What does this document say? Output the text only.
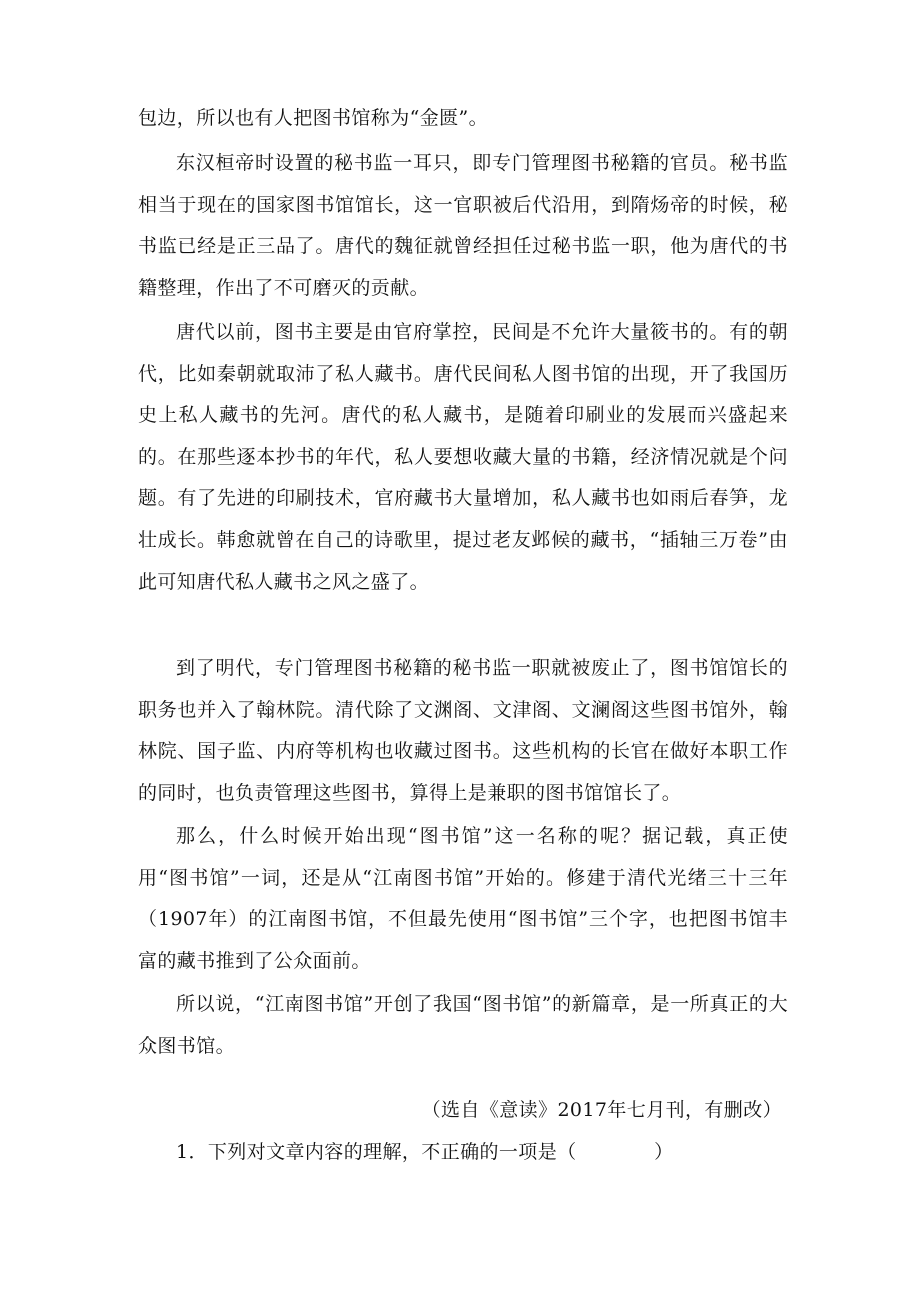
包边，所以也有人把图书馆称为“金匮”。

东汉桓帝时设置的秘书监一耳只，即专门管理图书秘籍的官员。秘书监相当于现在的国家图书馆馆长，这一官职被后代沿用，到隋炀帝的时候，秘书监已经是正三品了。唐代的魏征就曾经担任过秘书监一职，他为唐代的书籍整理，作出了不可磨灭的贡献。

唐代以前，图书主要是由官府掌控，民间是不允许大量筱书的。有的朝代，比如秦朝就取沛了私人藏书。唐代民间私人图书馆的出现，开了我国历史上私人藏书的先河。唐代的私人藏书，是随着印刷业的发展而兴盛起来的。在那些逐本抄书的年代，私人要想收藏大量的书籍，经济情况就是个问题。有了先进的印刷技术，官府藏书大量增加，私人藏书也如雨后春笋，龙壮成长。韩愈就曾在自己的诗歌里，提过老友邺候的藏书，“插轴三万卷”由此可知唐代私人藏书之风之盛了。

到了明代，专门管理图书秘籍的秘书监一职就被废止了，图书馆馆长的职务也并入了翰林院。清代除了文渊阁、文津阁、文澜阁这些图书馆外，翰林院、国子监、内府等机构也收藏过图书。这些机构的长官在做好本职工作的同时，也负责管理这些图书，算得上是兼职的图书馆馆长了。

那么，什么时候开始出现“图书馆”这一名称的呢？据记载，真正使用“图书馆”一词，还是从“江南图书馆”开始的。修建于清代光绪三十三年（1907年）的江南图书馆，不但最先使用“图书馆”三个字，也把图书馆丰富的藏书推到了公众面前。

所以说，“江南图书馆”开创了我国“图书馆”的新篇章，是一所真正的大众图书馆。

（选自《意读》2017年七月刊，有删改）

1．下列对文章内容的理解，不正确的一项是（　　　　）
